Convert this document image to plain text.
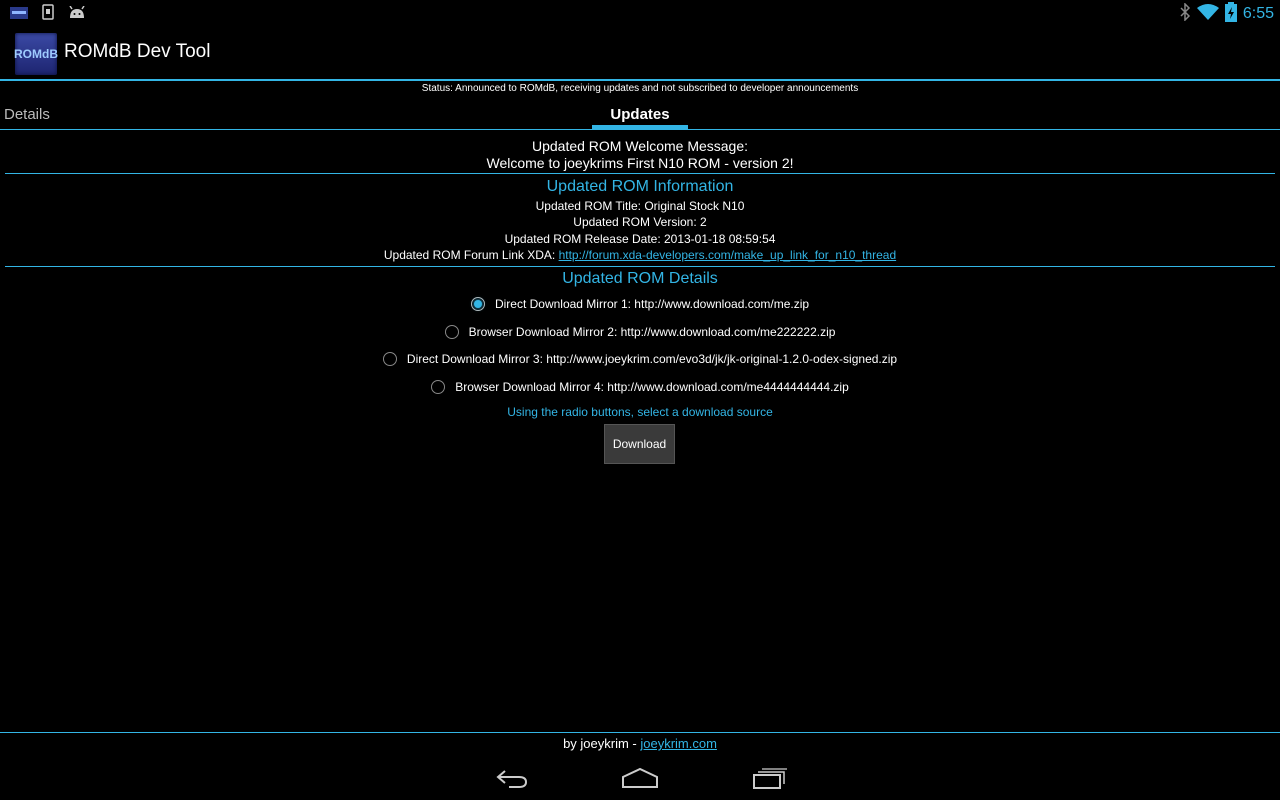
6:55
ROMdB ROMdB Dev Tool
Status: Announced to ROMdB, receiving updates and not subscribed to developer announcements
Details	Updates
Updated ROM Welcome Message:
Welcome to joeykrims First N10 ROM - version 2!
Updated ROM Information
Updated ROM Title: Original Stock N10
Updated ROM Version: 2
Updated ROM Release Date: 2013-01-18 08:59:54
Updated ROM Forum Link XDA: http://forum.xda-developers.com/make_up_link_for_n10_thread
Updated ROM Details
Direct Download Mirror 1: http://www.download.com/me.zip
Browser Download Mirror 2: http://www.download.com/me222222.zip
Direct Download Mirror 3: http://www.joeykrim.com/evo3d/jk/jk-original-1.2.0-odex-signed.zip
Browser Download Mirror 4: http://www.download.com/me4444444444.zip
Using the radio buttons, select a download source
Download
by joeykrim - joeykrim.com
